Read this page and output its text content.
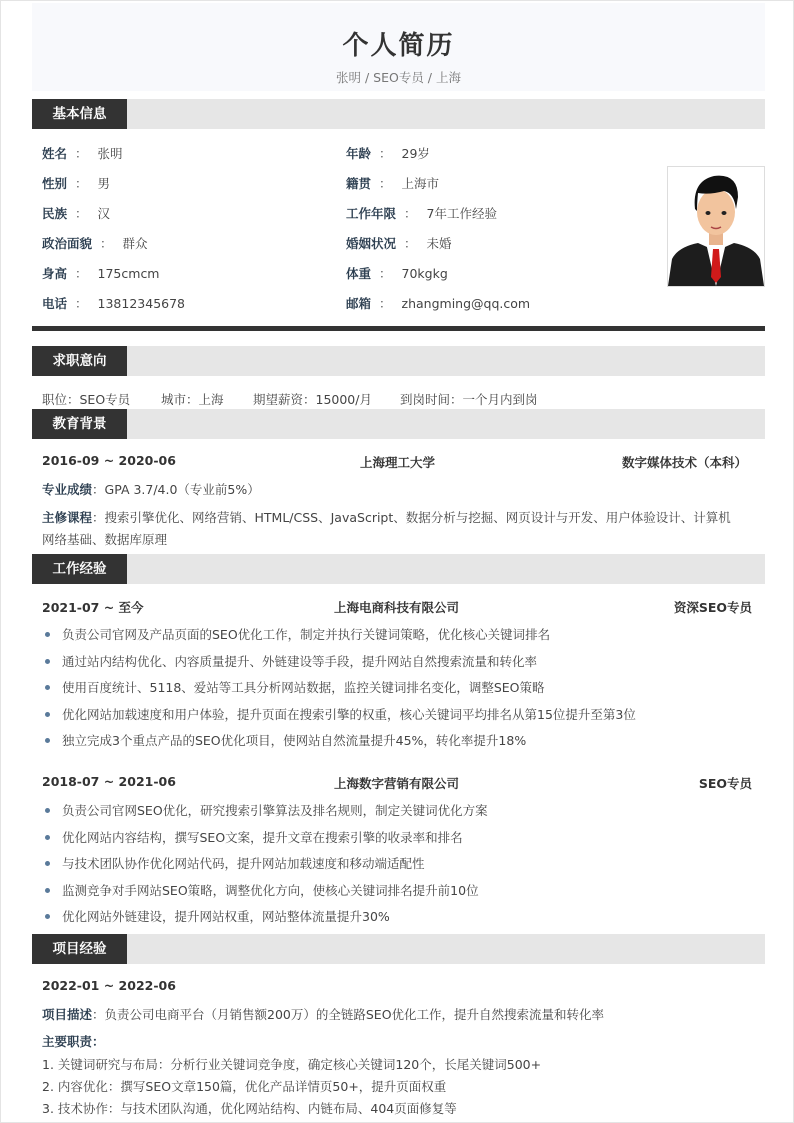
个人简历
张明 / SEO专员 / 上海
基本信息
姓名 ： 张明
性别 ： 男
民族 ： 汉
政治面貌 ： 群众
身高 ： 175cmcm
电话 ： 13812345678
年龄 ： 29岁
籍贯 ： 上海市
工作年限 ： 7年工作经验
婚姻状况 ： 未婚
体重 ： 70kgkg
邮箱 ： zhangming@qq.com
求职意向
职位：SEO专员 城市：上海 期望薪资：15000/月 到岗时间：一个月内到岗
教育背景
2016-09 ~ 2020-06	上海理工大学	数字媒体技术（本科）
专业成绩：GPA 3.7/4.0（专业前5%）
主修课程：搜索引擎优化、网络营销、HTML/CSS、JavaScript、数据分析与挖掘、网页设计与开发、用户体验设计、计算机
网络基础、数据库原理
工作经验
2021-07 ~ 至今	上海电商科技有限公司	资深SEO专员
负责公司官网及产品页面的SEO优化工作，制定并执行关键词策略，优化核心关键词排名
通过站内结构优化、内容质量提升、外链建设等手段，提升网站自然搜索流量和转化率
使用百度统计、5118、爱站等工具分析网站数据，监控关键词排名变化，调整SEO策略
优化网站加载速度和用户体验，提升页面在搜索引擎的权重，核心关键词平均排名从第15位提升至第3位
独立完成3个重点产品的SEO优化项目，使网站自然流量提升45%，转化率提升18%
2018-07 ~ 2021-06	上海数字营销有限公司	SEO专员
负责公司官网SEO优化，研究搜索引擎算法及排名规则，制定关键词优化方案
优化网站内容结构，撰写SEO文案，提升文章在搜索引擎的收录率和排名
与技术团队协作优化网站代码，提升网站加载速度和移动端适配性
监测竞争对手网站SEO策略，调整优化方向，使核心关键词排名提升前10位
优化网站外链建设，提升网站权重，网站整体流量提升30%
项目经验
2022-01 ~ 2022-06
项目描述：负责公司电商平台（月销售额200万）的全链路SEO优化工作，提升自然搜索流量和转化率
主要职责：
1. 关键词研究与布局：分析行业关键词竞争度，确定核心关键词120个，长尾关键词500+
2. 内容优化：撰写SEO文章150篇，优化产品详情页50+，提升页面权重
3. 技术协作：与技术团队沟通，优化网站结构、内链布局、404页面修复等
